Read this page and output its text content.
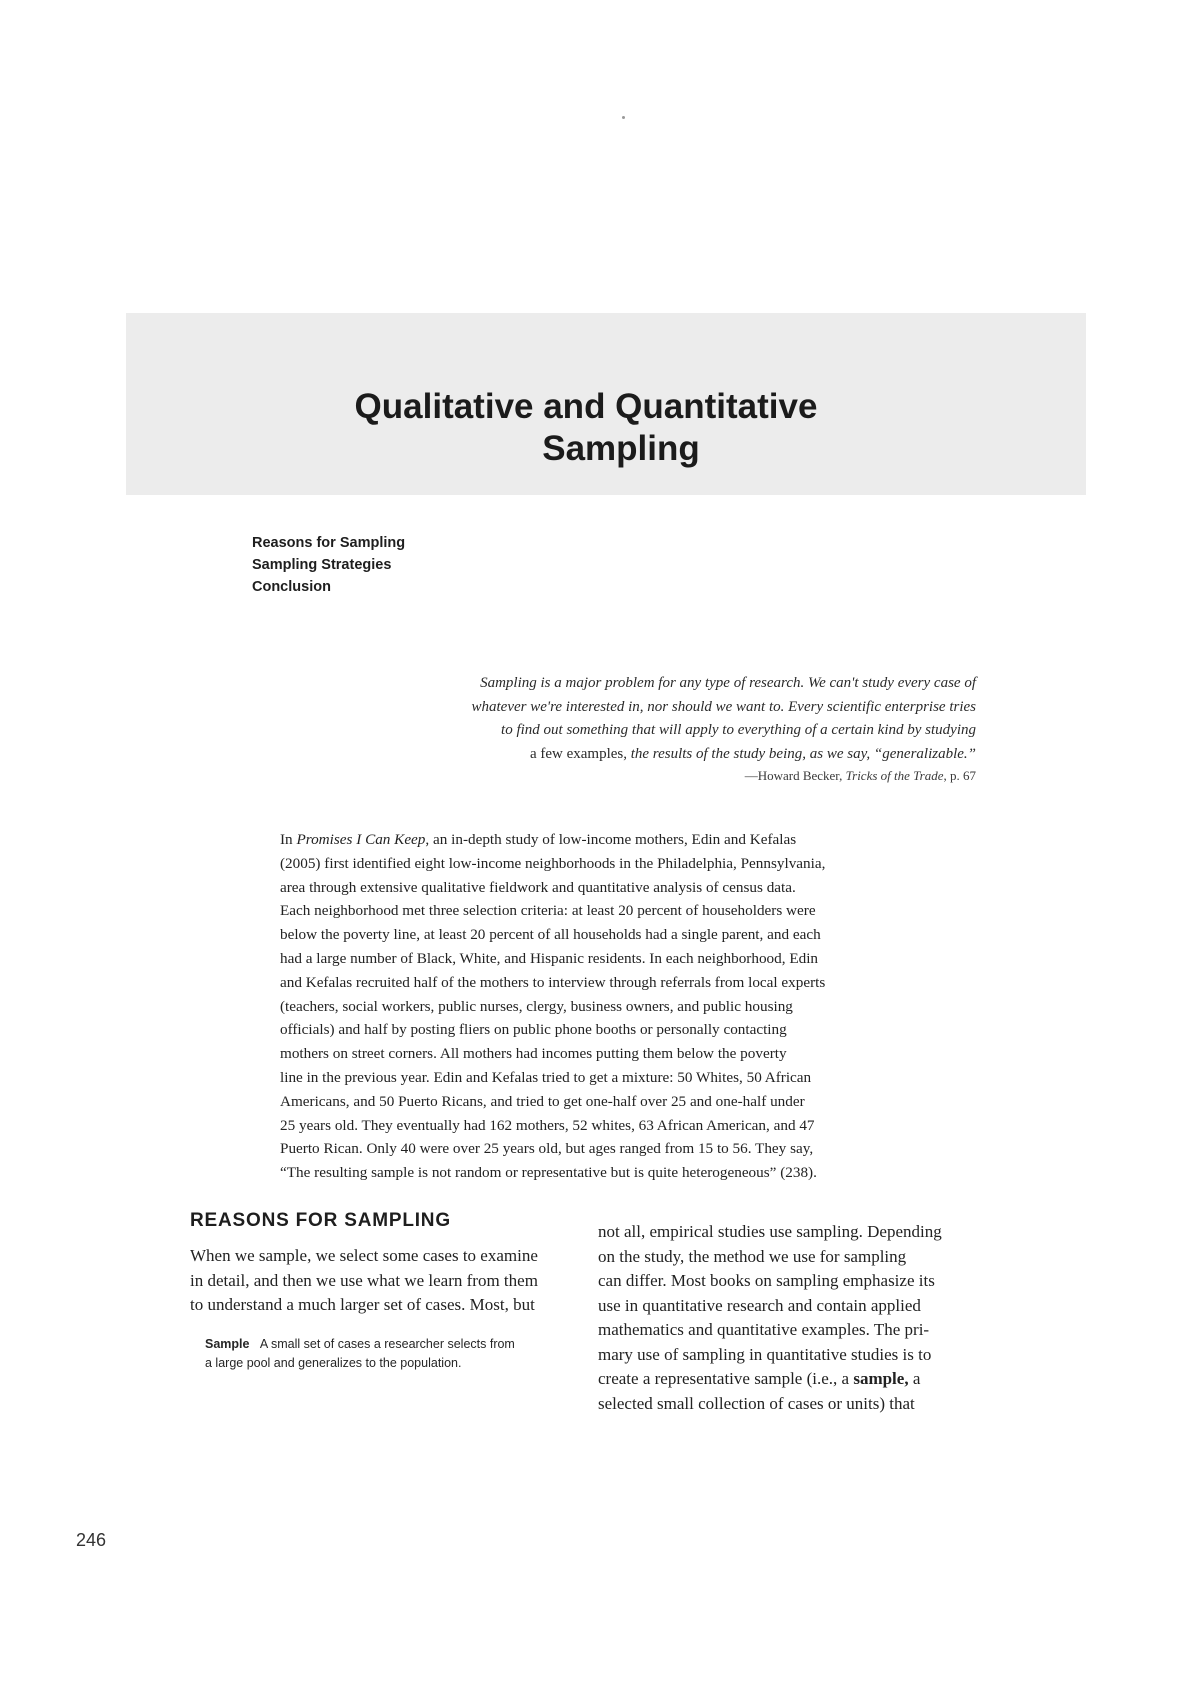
Qualitative and Quantitative
Sampling
Reasons for Sampling
Sampling Strategies
Conclusion
Sampling is a major problem for any type of research. We can't study every case of
whatever we're interested in, nor should we want to. Every scientific enterprise tries
to find out something that will apply to everything of a certain kind by studying
a few examples, the results of the study being, as we say, “generalizable.”
—Howard Becker, Tricks of the Trade, p. 67
In Promises I Can Keep, an in-depth study of low-income mothers, Edin and Kefalas
(2005) first identified eight low-income neighborhoods in the Philadelphia, Pennsylvania,
area through extensive qualitative fieldwork and quantitative analysis of census data.
Each neighborhood met three selection criteria: at least 20 percent of householders were
below the poverty line, at least 20 percent of all households had a single parent, and each
had a large number of Black, White, and Hispanic residents. In each neighborhood, Edin
and Kefalas recruited half of the mothers to interview through referrals from local experts
(teachers, social workers, public nurses, clergy, business owners, and public housing
officials) and half by posting fliers on public phone booths or personally contacting
mothers on street corners. All mothers had incomes putting them below the poverty
line in the previous year. Edin and Kefalas tried to get a mixture: 50 Whites, 50 African
Americans, and 50 Puerto Ricans, and tried to get one-half over 25 and one-half under
25 years old. They eventually had 162 mothers, 52 whites, 63 African American, and 47
Puerto Rican. Only 40 were over 25 years old, but ages ranged from 15 to 56. They say,
“The resulting sample is not random or representative but is quite heterogeneous” (238).
REASONS FOR SAMPLING
When we sample, we select some cases to examine
in detail, and then we use what we learn from them
to understand a much larger set of cases. Most, but
Sample A small set of cases a researcher selects from
a large pool and generalizes to the population.
not all, empirical studies use sampling. Depending
on the study, the method we use for sampling
can differ. Most books on sampling emphasize its
use in quantitative research and contain applied
mathematics and quantitative examples. The pri-
mary use of sampling in quantitative studies is to
create a representative sample (i.e., a sample, a
selected small collection of cases or units) that

246
